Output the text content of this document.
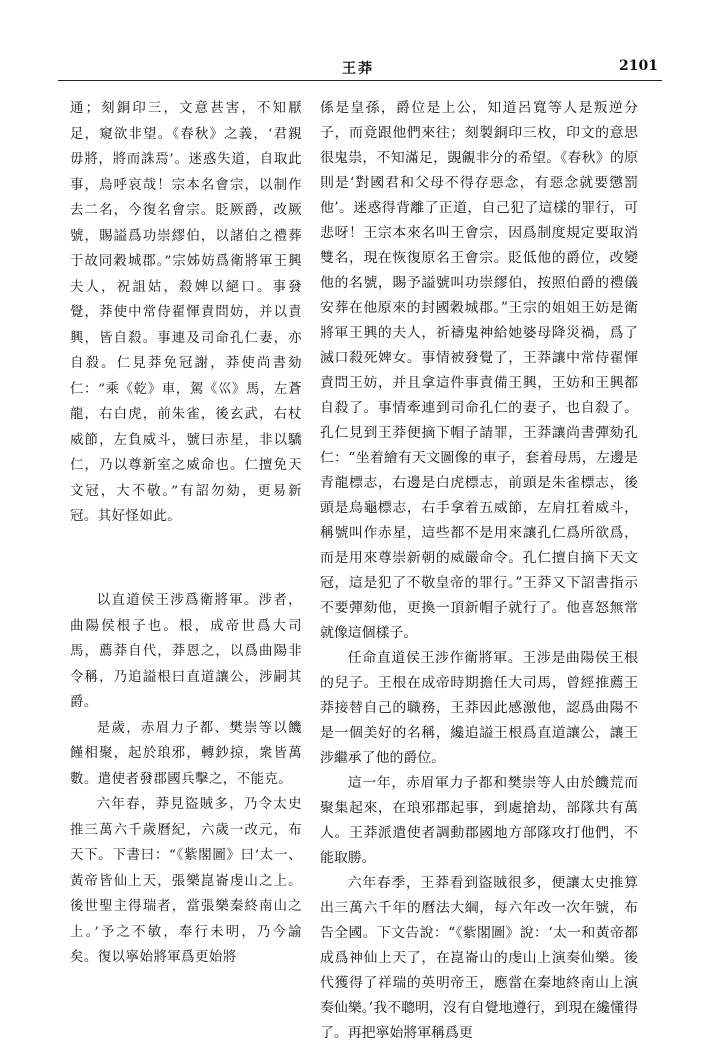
王莽	2101

通；刻銅印三，文意甚害，不知厭足，窺欲非望。《春秋》之義，‘君親毋將，將而誅焉’。迷惑失道，自取此事，烏呼哀哉！宗本名會宗，以制作去二名，今復名會宗。貶厥爵，改厥號，賜謚爲功崇繆伯，以諸伯之禮葬于故同穀城郡。”宗姊妨爲衛將軍王興夫人，祝詛姑，殺婢以絕口。事發覺，莽使中常侍翟惲責問妨，并以責興，皆自殺。事連及司命孔仁妻，亦自殺。仁見莽免冠謝，莽使尚書劾仁：“乘《乾》車，駕《巛》馬，左蒼龍，右白虎，前朱雀，後玄武，右杖威節，左負威斗，號曰赤星，非以驕仁，乃以尊新室之威命也。仁擅免天文冠，大不敬。”有詔勿劾，更易新冠。其好怪如此。

以直道侯王涉爲衛將軍。涉者，曲陽侯根子也。根，成帝世爲大司馬，薦莽自代，莽恩之，以爲曲陽非令稱，乃追謚根曰直道讓公，涉嗣其爵。

是歲，赤眉力子都、樊崇等以饑饉相聚，起於琅邪，轉鈔掠，衆皆萬數。遣使者發郡國兵擊之，不能克。

六年春，莽見盜賊多，乃令太史推三萬六千歲曆紀，六歲一改元，布天下。下書曰：“《紫閣圖》曰‘太一、黃帝皆仙上天，張樂崑崙虔山之上。後世聖主得瑞者，當張樂秦終南山之上。’予之不敏，奉行未明，乃今諭矣。復以寧始將軍爲更始將

係是皇孫，爵位是上公，知道呂寬等人是叛逆分子，而竟跟他們來往；刻製銅印三枚，印文的意思很鬼祟，不知滿足，覬覦非分的希望。《春秋》的原則是‘對國君和父母不得存惡念，有惡念就要懲罰他’。迷惑得背離了正道，自己犯了這樣的罪行，可悲呀！王宗本來名叫王會宗，因爲制度規定要取消雙名，現在恢復原名王會宗。貶低他的爵位，改變他的名號，賜予謚號叫功崇繆伯，按照伯爵的禮儀安葬在他原來的封國穀城郡。”王宗的姐姐王妨是衛將軍王興的夫人，祈禱鬼神給她婆母降災禍，爲了滅口殺死婢女。事情被發覺了，王莽讓中常侍翟惲責問王妨，并且拿這件事責備王興，王妨和王興都自殺了。事情牽連到司命孔仁的妻子，也自殺了。孔仁見到王莽便摘下帽子請罪，王莽讓尚書彈劾孔仁：“坐着繪有天文圖像的車子，套着母馬，左邊是青龍標志，右邊是白虎標志，前頭是朱雀標志，後頭是烏龜標志，右手拿着五威節，左肩扛着威斗，稱號叫作赤星，這些都不是用來讓孔仁爲所欲爲，而是用來尊崇新朝的威嚴命令。孔仁擅自摘下天文冠，這是犯了不敬皇帝的罪行。”王莽又下詔書指示不要彈劾他，更換一頂新帽子就行了。他喜怒無常就像這個樣子。

任命直道侯王涉作衛將軍。王涉是曲陽侯王根的兒子。王根在成帝時期擔任大司馬，曾經推薦王莽接替自己的職務，王莽因此感激他，認爲曲陽不是一個美好的名稱，纔追謚王根爲直道讓公，讓王涉繼承了他的爵位。

這一年，赤眉軍力子都和樊崇等人由於饑荒而聚集起來，在琅邪郡起事，到處搶劫，部隊共有萬人。王莽派遣使者調動郡國地方部隊攻打他們，不能取勝。

六年春季，王莽看到盜賊很多，便讓太史推算出三萬六千年的曆法大綱，每六年改一次年號，布告全國。下文告說：“《紫閣圖》說：‘太一和黃帝都成爲神仙上天了，在崑崙山的虔山上演奏仙樂。後代獲得了祥瑞的英明帝王，應當在秦地終南山上演奏仙樂。’我不聰明，沒有自覺地遵行，到現在纔懂得了。再把寧始將軍稱爲更
